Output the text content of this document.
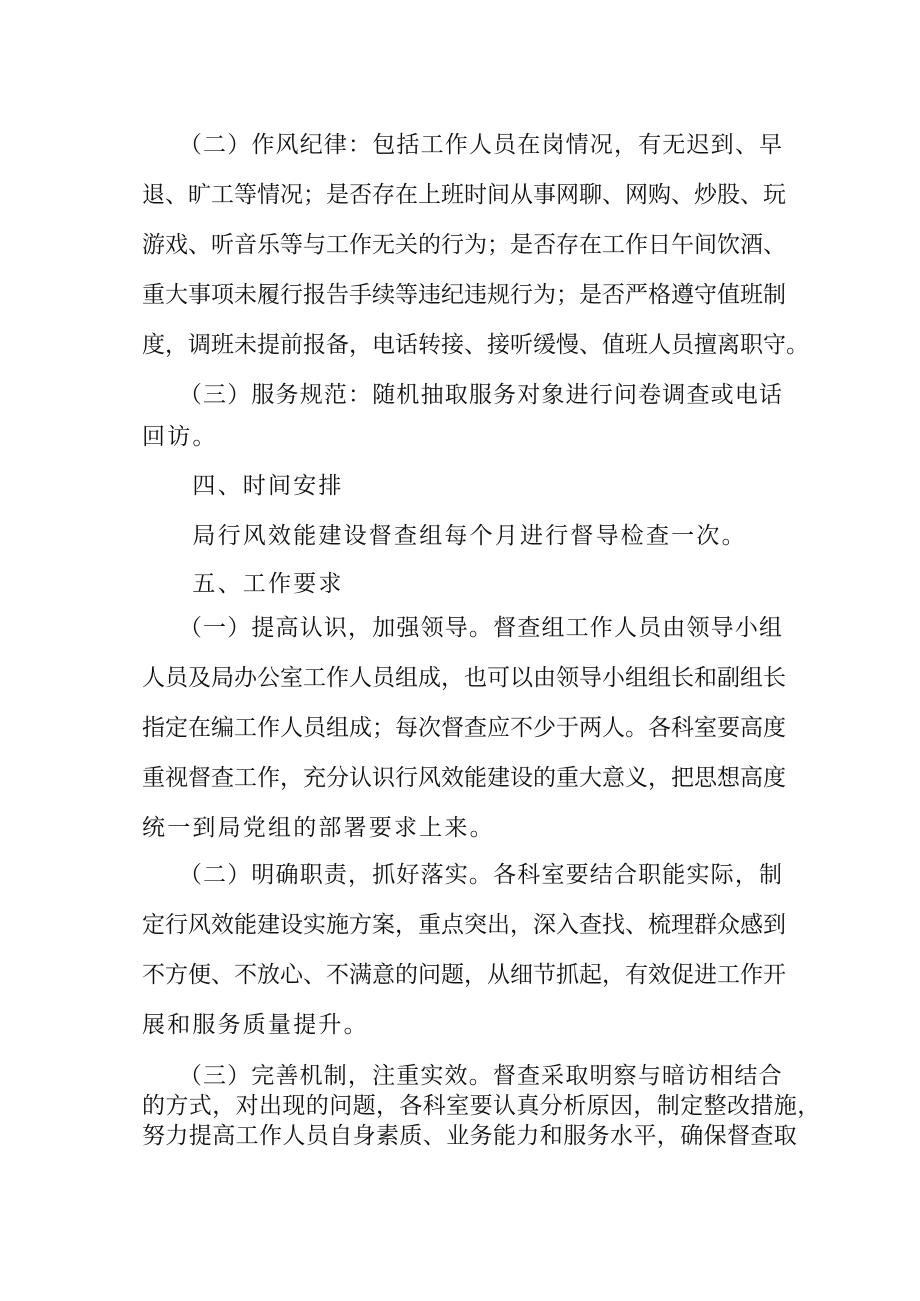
　　（二）作风纪律：包括工作人员在岗情况，有无迟到、早

退、旷工等情况；是否存在上班时间从事网聊、网购、炒股、玩

游戏、听音乐等与工作无关的行为；是否存在工作日午间饮酒、

重大事项未履行报告手续等违纪违规行为；是否严格遵守值班制

度，调班未提前报备，电话转接、接听缓慢、值班人员擅离职守。

　　（三）服务规范：随机抽取服务对象进行问卷调查或电话

回访。

　　四、时间安排

　　局行风效能建设督查组每个月进行督导检查一次。

　　五、工作要求

　　（一）提高认识，加强领导。督查组工作人员由领导小组

人员及局办公室工作人员组成，也可以由领导小组组长和副组长

指定在编工作人员组成；每次督查应不少于两人。各科室要高度

重视督查工作，充分认识行风效能建设的重大意义，把思想高度

统一到局党组的部署要求上来。

　　（二）明确职责，抓好落实。各科室要结合职能实际，制

定行风效能建设实施方案，重点突出，深入查找、梳理群众感到

不方便、不放心、不满意的问题，从细节抓起，有效促进工作开

展和服务质量提升。

　　（三）完善机制，注重实效。督查采取明察与暗访相结合

的方式，对出现的问题，各科室要认真分析原因，制定整改措施，

努力提高工作人员自身素质、业务能力和服务水平，确保督查取
